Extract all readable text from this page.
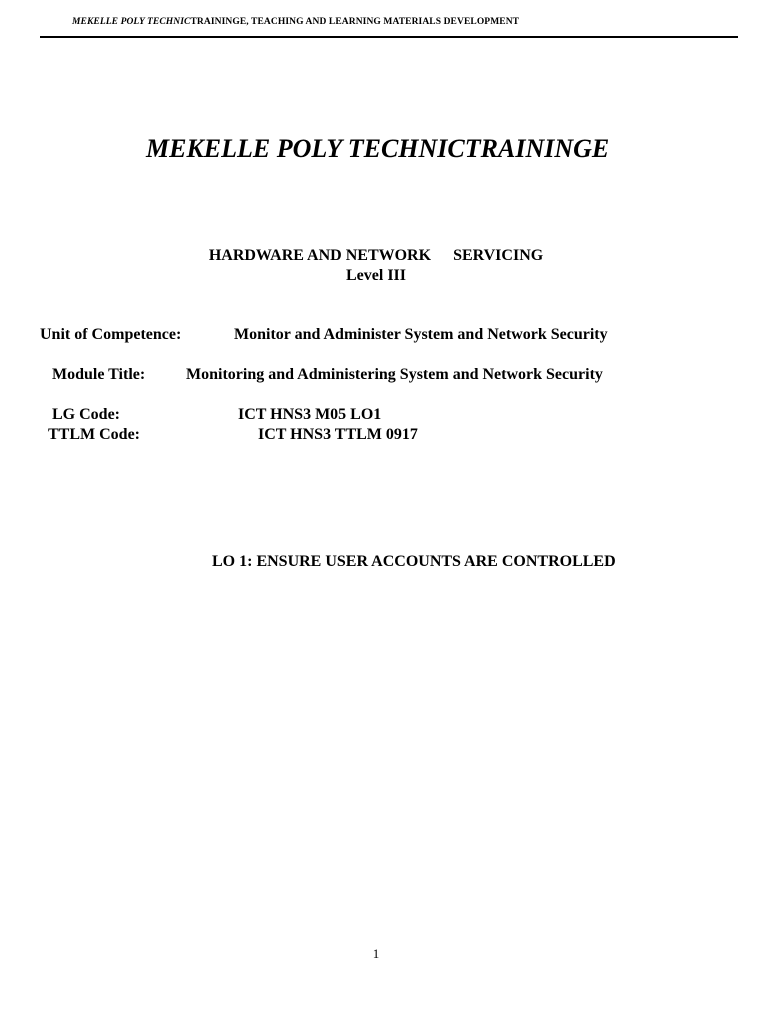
MEKELLE POLY TECHNICTRAININGE, TEACHING AND LEARNING MATERIALS DEVELOPMENT
MEKELLE POLY TECHNICTRAININGE
HARDWARE AND NETWORK SERVICING
Level III
Unit of Competence:	Monitor and Administer System and Network Security
Module Title:	Monitoring and Administering System and Network Security
LG Code:	ICT HNS3 M05 LO1
TTLM Code:	ICT HNS3 TTLM 0917
LO 1: ENSURE USER ACCOUNTS ARE CONTROLLED
1
